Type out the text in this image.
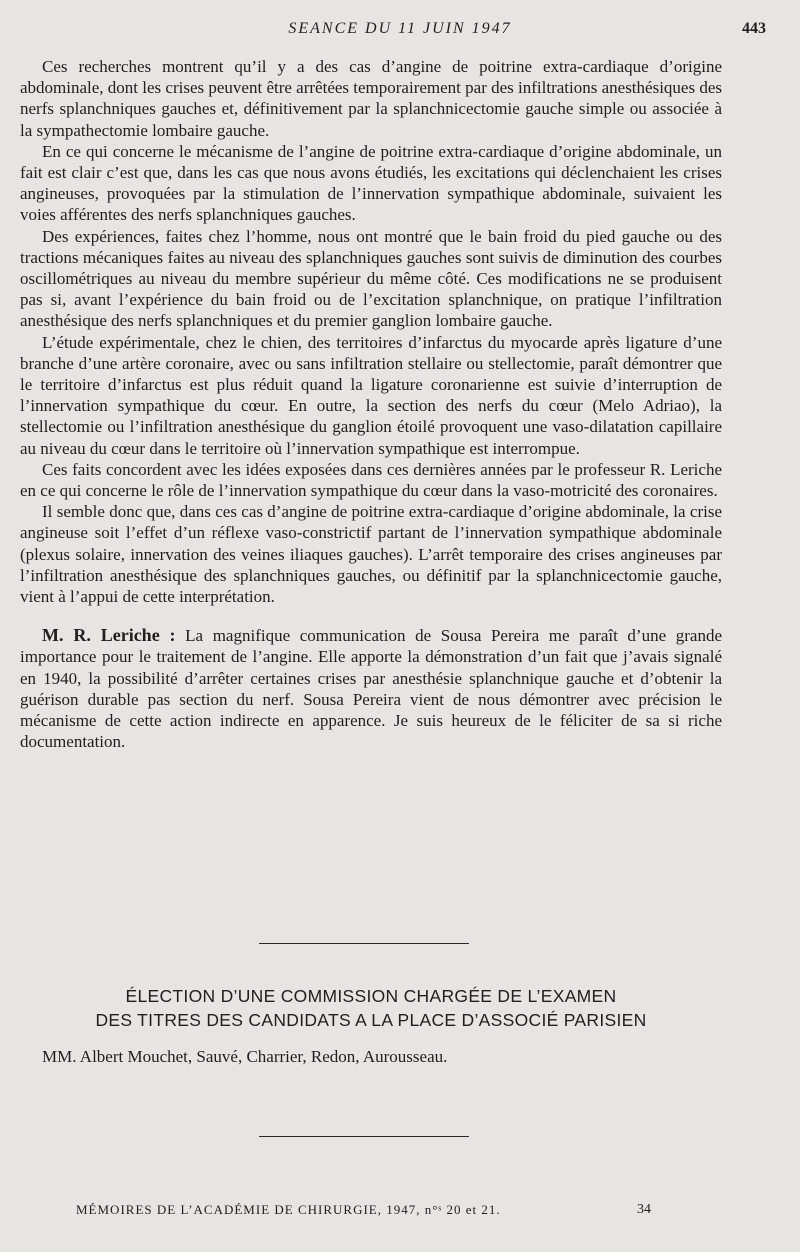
SEANCE DU 11 JUIN 1947	443

Ces recherches montrent qu’il y a des cas d’angine de poitrine extra-cardiaque d’origine abdominale, dont les crises peuvent être arrêtées temporairement par des infiltrations anesthésiques des nerfs splanchniques gauches et, définitivement par la splanchnicectomie gauche simple ou associée à la sympathectomie lombaire gauche.

En ce qui concerne le mécanisme de l’angine de poitrine extra-cardiaque d’origine abdominale, un fait est clair c’est que, dans les cas que nous avons étudiés, les excitations qui déclenchaient les crises angineuses, provoquées par la stimulation de l’innervation sympathique abdominale, suivaient les voies afférentes des nerfs splanchniques gauches.

Des expériences, faites chez l’homme, nous ont montré que le bain froid du pied gauche ou des tractions mécaniques faites au niveau des splanchniques gauches sont suivis de diminution des courbes oscillométriques au niveau du membre supérieur du même côté. Ces modifications ne se produisent pas si, avant l’expérience du bain froid ou de l’excitation splanchnique, on pratique l’infiltration anesthésique des nerfs splanchniques et du premier ganglion lombaire gauche.

L’étude expérimentale, chez le chien, des territoires d’infarctus du myocarde après ligature d’une branche d’une artère coronaire, avec ou sans infiltration stellaire ou stellectomie, paraît démontrer que le territoire d’infarctus est plus réduit quand la ligature coronarienne est suivie d’interruption de l’innervation sympathique du cœur. En outre, la section des nerfs du cœur (Melo Adriao), la stellectomie ou l’infiltration anesthésique du ganglion étoilé provoquent une vaso-dilatation capillaire au niveau du cœur dans le territoire où l’innervation sympathique est interrompue.

Ces faits concordent avec les idées exposées dans ces dernières années par le professeur R. Leriche en ce qui concerne le rôle de l’innervation sympathique du cœur dans la vaso-motricité des coronaires.

Il semble donc que, dans ces cas d’angine de poitrine extra-cardiaque d’origine abdominale, la crise angineuse soit l’effet d’un réflexe vaso-constrictif partant de l’innervation sympathique abdominale (plexus solaire, innervation des veines iliaques gauches). L’arrêt temporaire des crises angineuses par l’infiltration anesthésique des splanchniques gauches, ou définitif par la splanchnicectomie gauche, vient à l’appui de cette interprétation.

M. R. Leriche : La magnifique communication de Sousa Pereira me paraît d’une grande importance pour le traitement de l’angine. Elle apporte la démonstration d’un fait que j’avais signalé en 1940, la possibilité d’arrêter certaines crises par anesthésie splanchnique gauche et d’obtenir la guérison durable pas section du nerf. Sousa Pereira vient de nous démontrer avec précision le mécanisme de cette action indirecte en apparence. Je suis heureux de le féliciter de sa si riche documentation.

ÉLECTION D’UNE COMMISSION CHARGÉE DE L’EXAMEN
DES TITRES DES CANDIDATS A LA PLACE D’ASSOCIÉ PARISIEN
MM. Albert Mouchet, Sauvé, Charrier, Redon, Aurousseau.
MÉMOIRES DE L’ACADÉMIE DE CHIRURGIE, 1947, n°ˢ 20 et 21.	34
